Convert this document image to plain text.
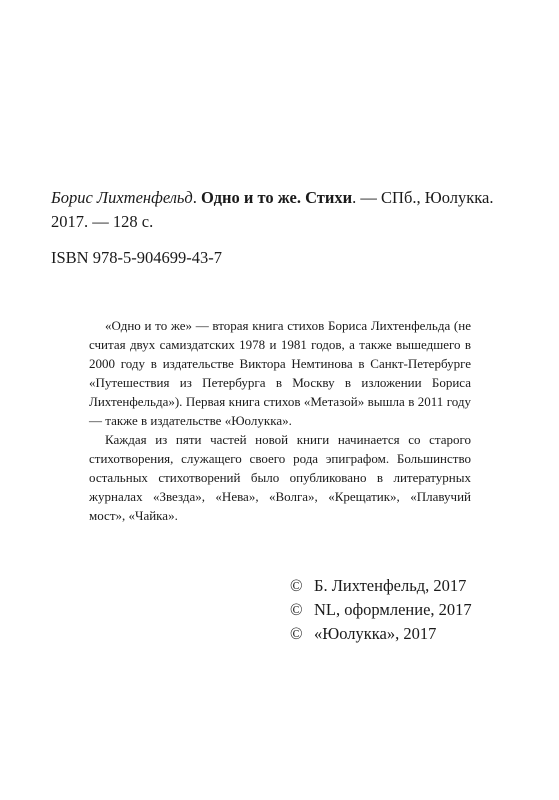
Борис Лихтенфельд. Одно и то же. Стихи. — СПб., Юолукка.
2017. — 128 с.

ISBN 978-5-904699-43-7

«Одно и то же» — вторая книга стихов Бориса Лихтенфельда (не считая двух самиздатских 1978 и 1981 годов, а также вышедшего в 2000 году в издательстве Виктора Немтинова в Санкт-Петербурге «Путешествия из Петербурга в Москву в изложении Бориса Лихтенфельда»). Первая книга стихов «Метазой» вышла в 2011 году — также в издательстве «Юолукка».

Каждая из пяти частей новой книги начинается со старого стихотворения, служащего своего рода эпиграфом. Большинство остальных стихотворений было опубликовано в литературных журналах «Звезда», «Нева», «Волга», «Крещатик», «Плавучий мост», «Чайка».

© Б. Лихтенфельд, 2017
© NL, оформление, 2017
© «Юолукка», 2017
